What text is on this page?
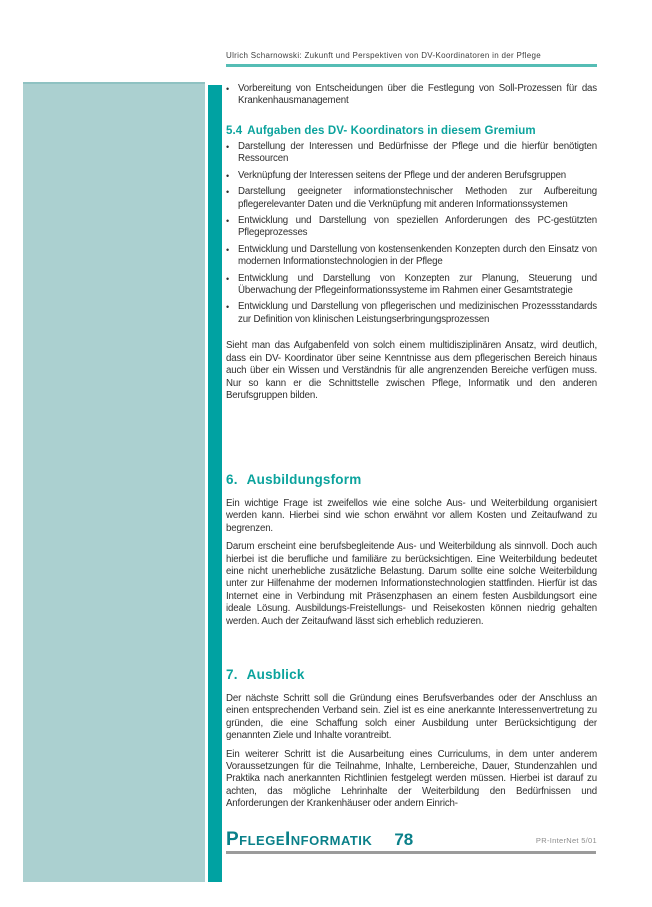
Ulrich Scharnowski: Zukunft und Perspektiven von DV-Koordinatoren in der Pflege
• Vorbereitung von Entscheidungen über die Festlegung von Soll-Prozessen für das Krankenhausmanagement
5.4 Aufgaben des DV- Koordinators in diesem Gremium
• Darstellung der Interessen und Bedürfnisse der Pflege und die hierfür benötigten Ressourcen
• Verknüpfung der Interessen seitens der Pflege und der anderen Berufsgruppen
• Darstellung geeigneter informationstechnischer Methoden zur Aufbereitung pflegerelevanter Daten und die Verknüpfung mit anderen Informationssystemen
• Entwicklung und Darstellung von speziellen Anforderungen des PC-gestützten Pflegeprozesses
• Entwicklung und Darstellung von kostensenkenden Konzepten durch den Einsatz von modernen Informationstechnologien in der Pflege
• Entwicklung und Darstellung von Konzepten zur Planung, Steuerung und Überwachung der Pflegeinformationssysteme im Rahmen einer Gesamtstrategie
• Entwicklung und Darstellung von pflegerischen und medizinischen Prozessstandards zur Definition von klinischen Leistungserbringungsprozessen
Sieht man das Aufgabenfeld von solch einem multidisziplinären Ansatz, wird deutlich, dass ein DV- Koordinator über seine Kenntnisse aus dem pflegerischen Bereich hinaus auch über ein Wissen und Verständnis für alle angrenzenden Bereiche verfügen muss. Nur so kann er die Schnittstelle zwischen Pflege, Informatik und den anderen Berufsgruppen bilden.
6. Ausbildungsform
Ein wichtige Frage ist zweifellos wie eine solche Aus- und Weiterbildung organisiert werden kann. Hierbei sind wie schon erwähnt vor allem Kosten und Zeitaufwand zu begrenzen.
Darum erscheint eine berufsbegleitende Aus- und Weiterbildung als sinnvoll. Doch auch hierbei ist die berufliche und familiäre zu berücksichtigen. Eine Weiterbildung bedeutet eine nicht unerhebliche zusätzliche Belastung. Darum sollte eine solche Weiterbildung unter zur Hilfenahme der modernen Informationstechnologien stattfinden. Hierfür ist das Internet eine in Verbindung mit Präsenzphasen an einem festen Ausbildungsort eine ideale Lösung. Ausbildungs-Freistellungs- und Reisekosten können niedrig gehalten werden. Auch der Zeitaufwand lässt sich erheblich reduzieren.
7. Ausblick
Der nächste Schritt soll die Gründung eines Berufsverbandes oder der Anschluss an einen entsprechenden Verband sein. Ziel ist es eine anerkannte Interessenvertretung zu gründen, die eine Schaffung solch einer Ausbildung unter Berücksichtigung der genannten Ziele und Inhalte vorantreibt.
Ein weiterer Schritt ist die Ausarbeitung eines Curriculums, in dem unter anderem Voraussetzungen für die Teilnahme, Inhalte, Lernbereiche, Dauer, Stundenzahlen und Praktika nach anerkannten Richtlinien festgelegt werden müssen. Hierbei ist darauf zu achten, das mögliche Lehrinhalte der Weiterbildung den Bedürfnissen und Anforderungen der Krankenhäuser oder andern Einrich-
PflegeInformatik 78	PR-InterNet 5/01
